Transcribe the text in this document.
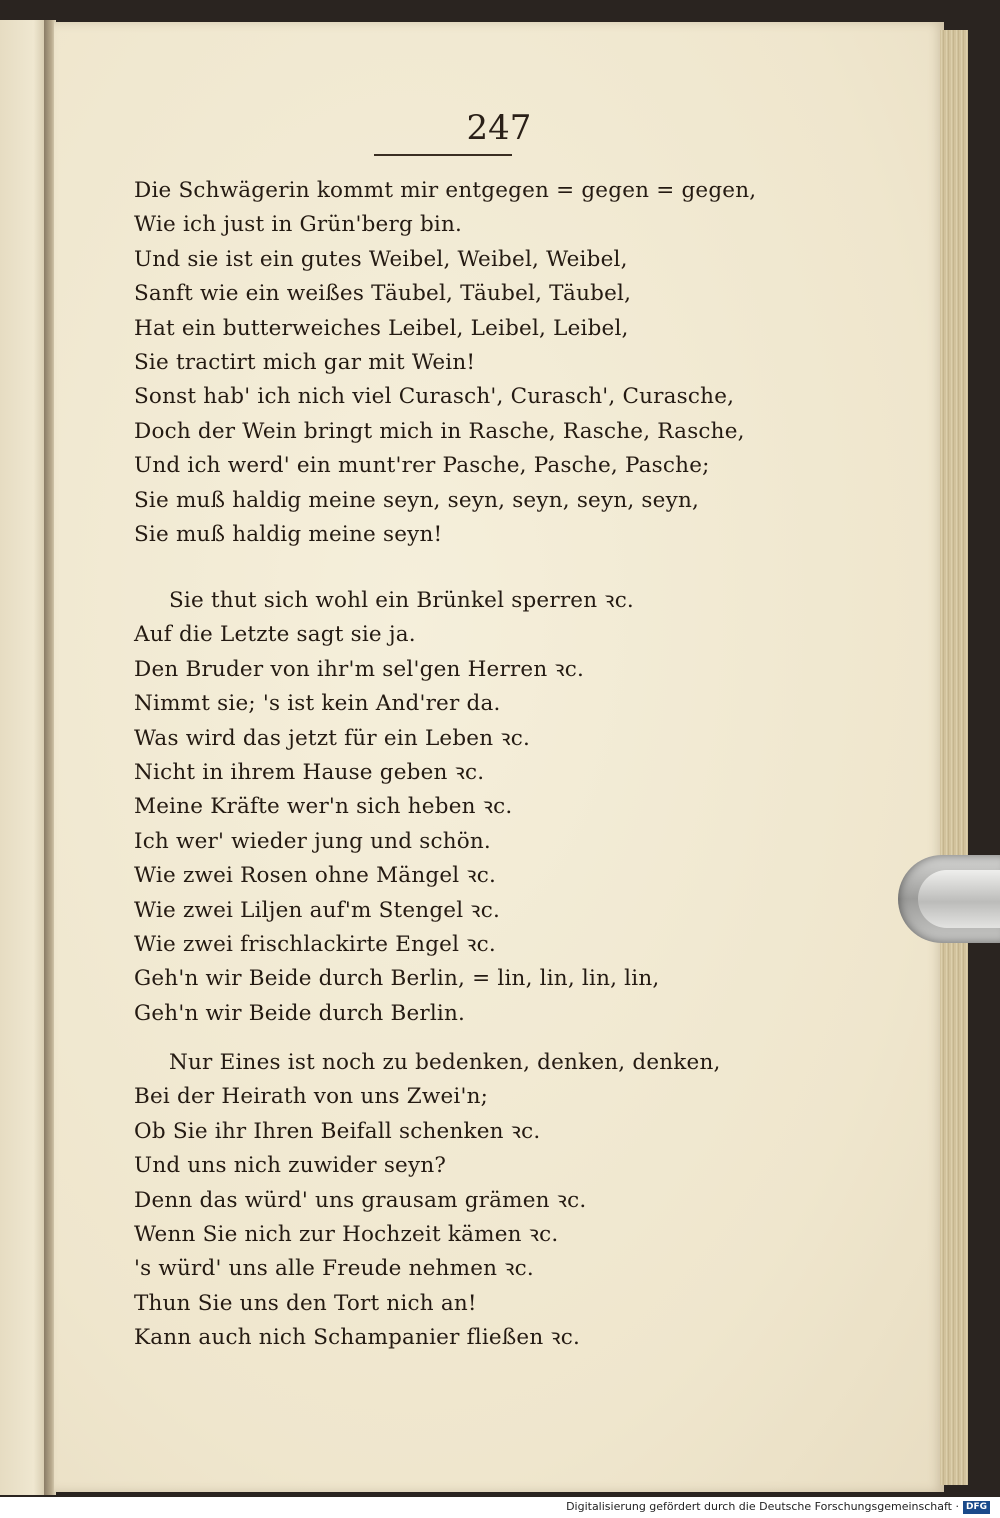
247
Die Schwägerin kommt mir entgegen = gegen = gegen,
Wie ich just in Grün'berg bin.
Und sie ist ein gutes Weibel, Weibel, Weibel,
Sanft wie ein weißes Täubel, Täubel, Täubel,
Hat ein butterweiches Leibel, Leibel, Leibel,
Sie tractirt mich gar mit Wein!
Sonst hab' ich nich viel Curasch', Curasch', Curasche,
Doch der Wein bringt mich in Rasche, Rasche, Rasche,
Und ich werd' ein munt'rer Pasche, Pasche, Pasche;
Sie muß haldig meine seyn, seyn, seyn, seyn, seyn,
Sie muß haldig meine seyn!
Sie thut sich wohl ein Brünkel sperren ꝛc.
Auf die Letzte sagt sie ja.
Den Bruder von ihr'm sel'gen Herren ꝛc.
Nimmt sie; 's ist kein And'rer da.
Was wird das jetzt für ein Leben ꝛc.
Nicht in ihrem Hause geben ꝛc.
Meine Kräfte wer'n sich heben ꝛc.
Ich wer' wieder jung und schön.
Wie zwei Rosen ohne Mängel ꝛc.
Wie zwei Liljen auf'm Stengel ꝛc.
Wie zwei frischlackirte Engel ꝛc.
Geh'n wir Beide durch Berlin, = lin, lin, lin, lin,
Geh'n wir Beide durch Berlin.
Nur Eines ist noch zu bedenken, denken, denken,
Bei der Heirath von uns Zwei'n;
Ob Sie ihr Ihren Beifall schenken ꝛc.
Und uns nich zuwider seyn?
Denn das würd' uns grausam grämen ꝛc.
Wenn Sie nich zur Hochzeit kämen ꝛc.
's würd' uns alle Freude nehmen ꝛc.
Thun Sie uns den Tort nich an!
Kann auch nich Schampanier fließen ꝛc.
Digitalisierung gefördert durch die Deutsche Forschungsgemeinschaft · DFG
